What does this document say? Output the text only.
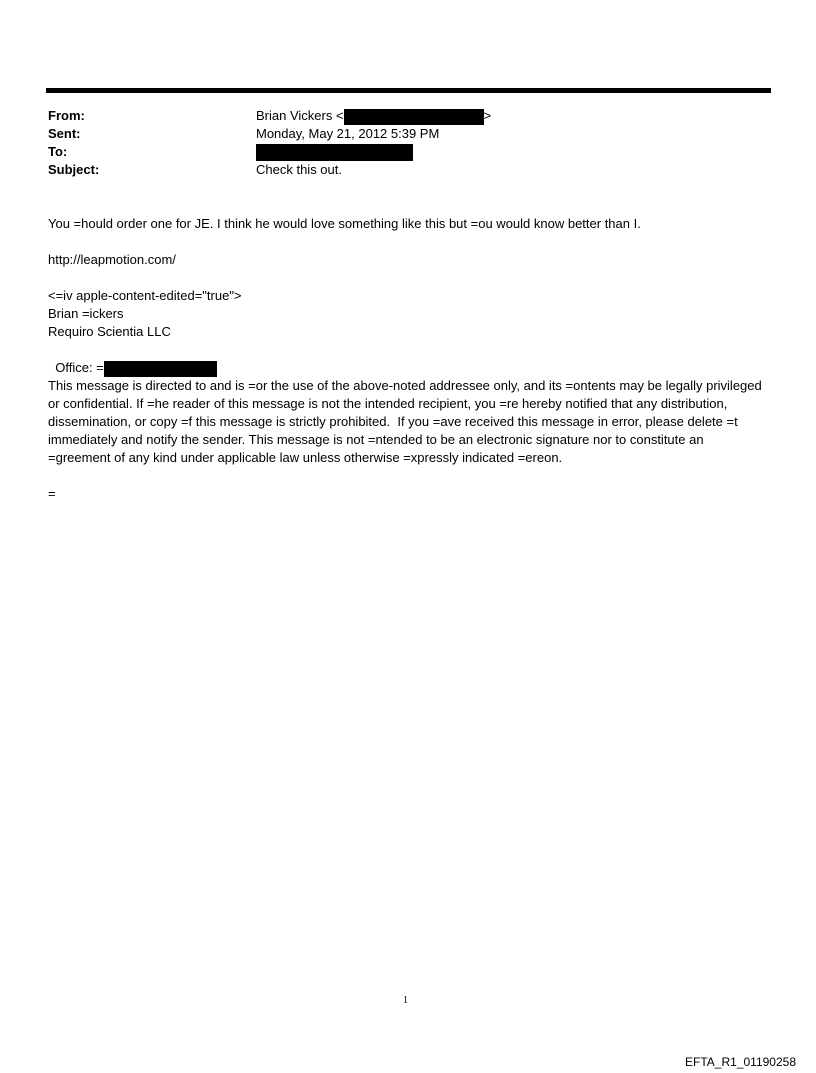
From:
Sent:
To:
Subject:
Brian Vickers <	>
Monday, May 21, 2012 5:39 PM
Check this out.
You =hould order one for JE. I think he would love something like this but =ou would know better than I.
http://leapmotion.com/
<=iv apple-content-edited="true">
Brian =ickers
Requiro Scientia LLC

Office: =

This message is directed to and is =or the use of the above-noted addressee only, and its =ontents may be legally privileged or confidential. If =he reader of this message is not the intended recipient, you =re hereby notified that any distribution, dissemination, or copy =f this message is strictly prohibited.  If you =ave received this message in error, please delete =t immediately and notify the sender. This message is not =ntended to be an electronic signature nor to constitute an =greement of any kind under applicable law unless otherwise =xpressly indicated =ereon.
=
1
EFTA_R1_01190258
